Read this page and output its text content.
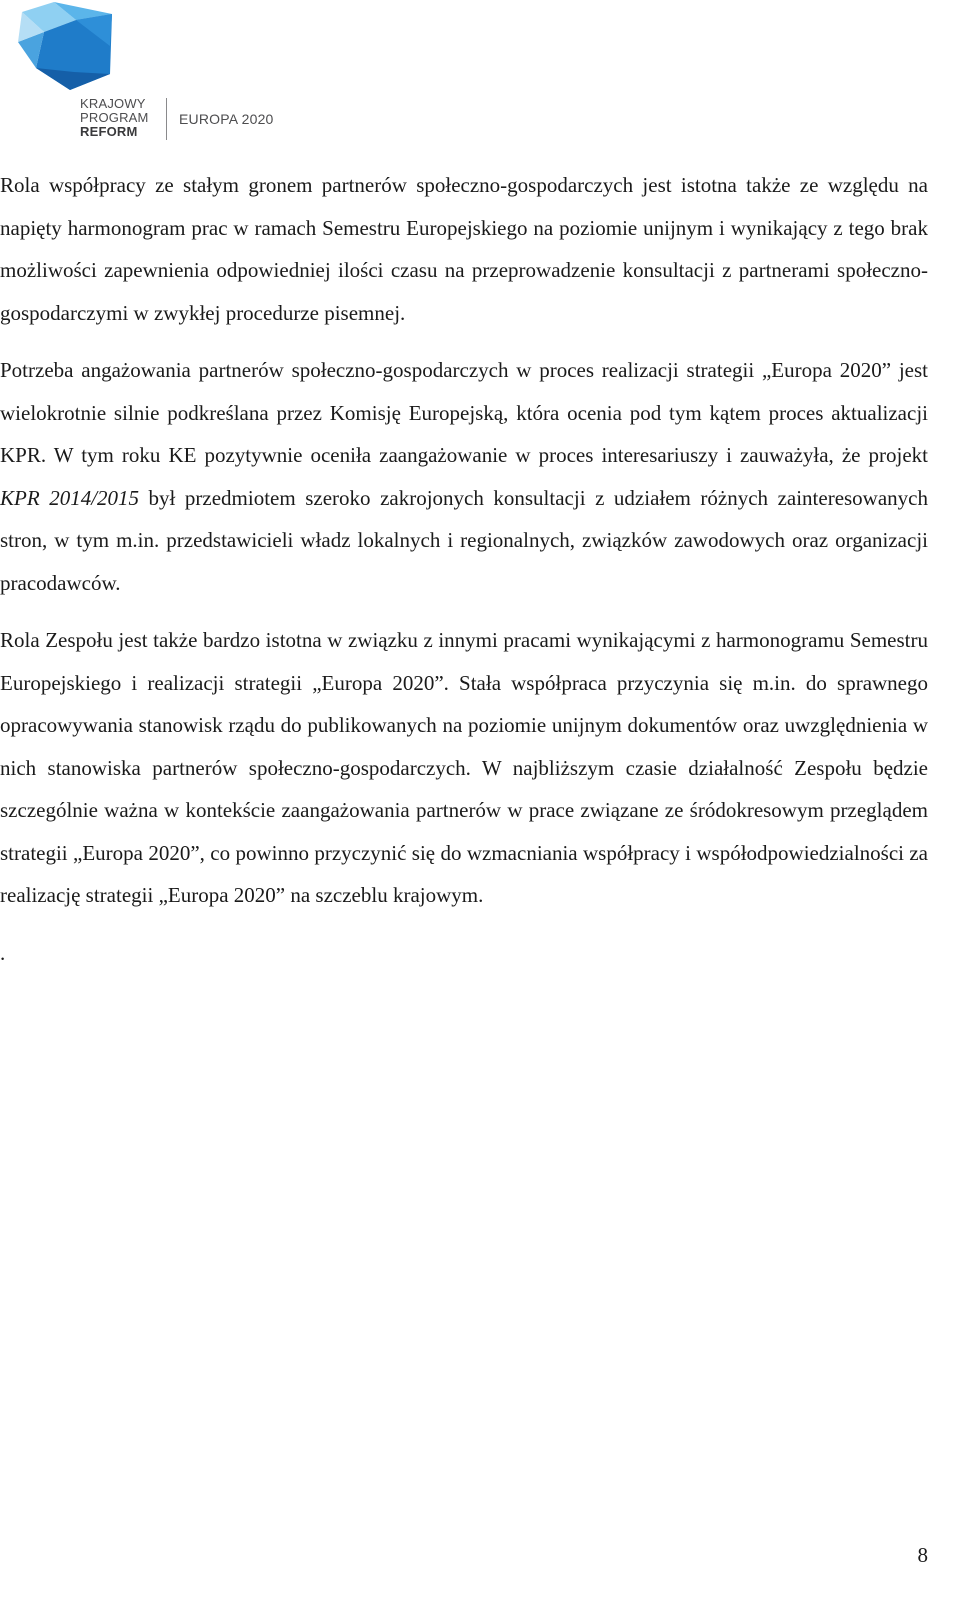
KRAJOWY
PROGRAM
REFORM
EUROPA 2020

Rola współpracy ze stałym gronem partnerów społeczno-gospodarczych jest istotna także ze względu na napięty harmonogram prac w ramach Semestru Europejskiego na poziomie unijnym i wynikający z tego brak możliwości zapewnienia odpowiedniej ilości czasu na przeprowadzenie konsultacji z partnerami społeczno-gospodarczymi w zwykłej procedurze pisemnej.

Potrzeba angażowania partnerów społeczno-gospodarczych w proces realizacji strategii „Europa 2020” jest wielokrotnie silnie podkreślana przez Komisję Europejską, która ocenia pod tym kątem proces aktualizacji KPR. W tym roku KE pozytywnie oceniła zaangażowanie w proces interesariuszy i zauważyła, że projekt KPR 2014/2015 był przedmiotem szeroko zakrojonych konsultacji z udziałem różnych zainteresowanych stron, w tym m.in. przedstawicieli władz lokalnych i regionalnych, związków zawodowych oraz organizacji pracodawców.

Rola Zespołu jest także bardzo istotna w związku z innymi pracami wynikającymi z harmonogramu Semestru Europejskiego i realizacji strategii „Europa 2020”. Stała współpraca przyczynia się m.in. do sprawnego opracowywania stanowisk rządu do publikowanych na poziomie unijnym dokumentów oraz uwzględnienia w nich stanowiska partnerów społeczno-gospodarczych. W najbliższym czasie działalność Zespołu będzie szczególnie ważna w kontekście zaangażowania partnerów w prace związane ze śródokresowym przeglądem strategii „Europa 2020”, co powinno przyczynić się do wzmacniania współpracy i współodpowiedzialności za realizację strategii „Europa 2020” na szczeblu krajowym.

.
8
